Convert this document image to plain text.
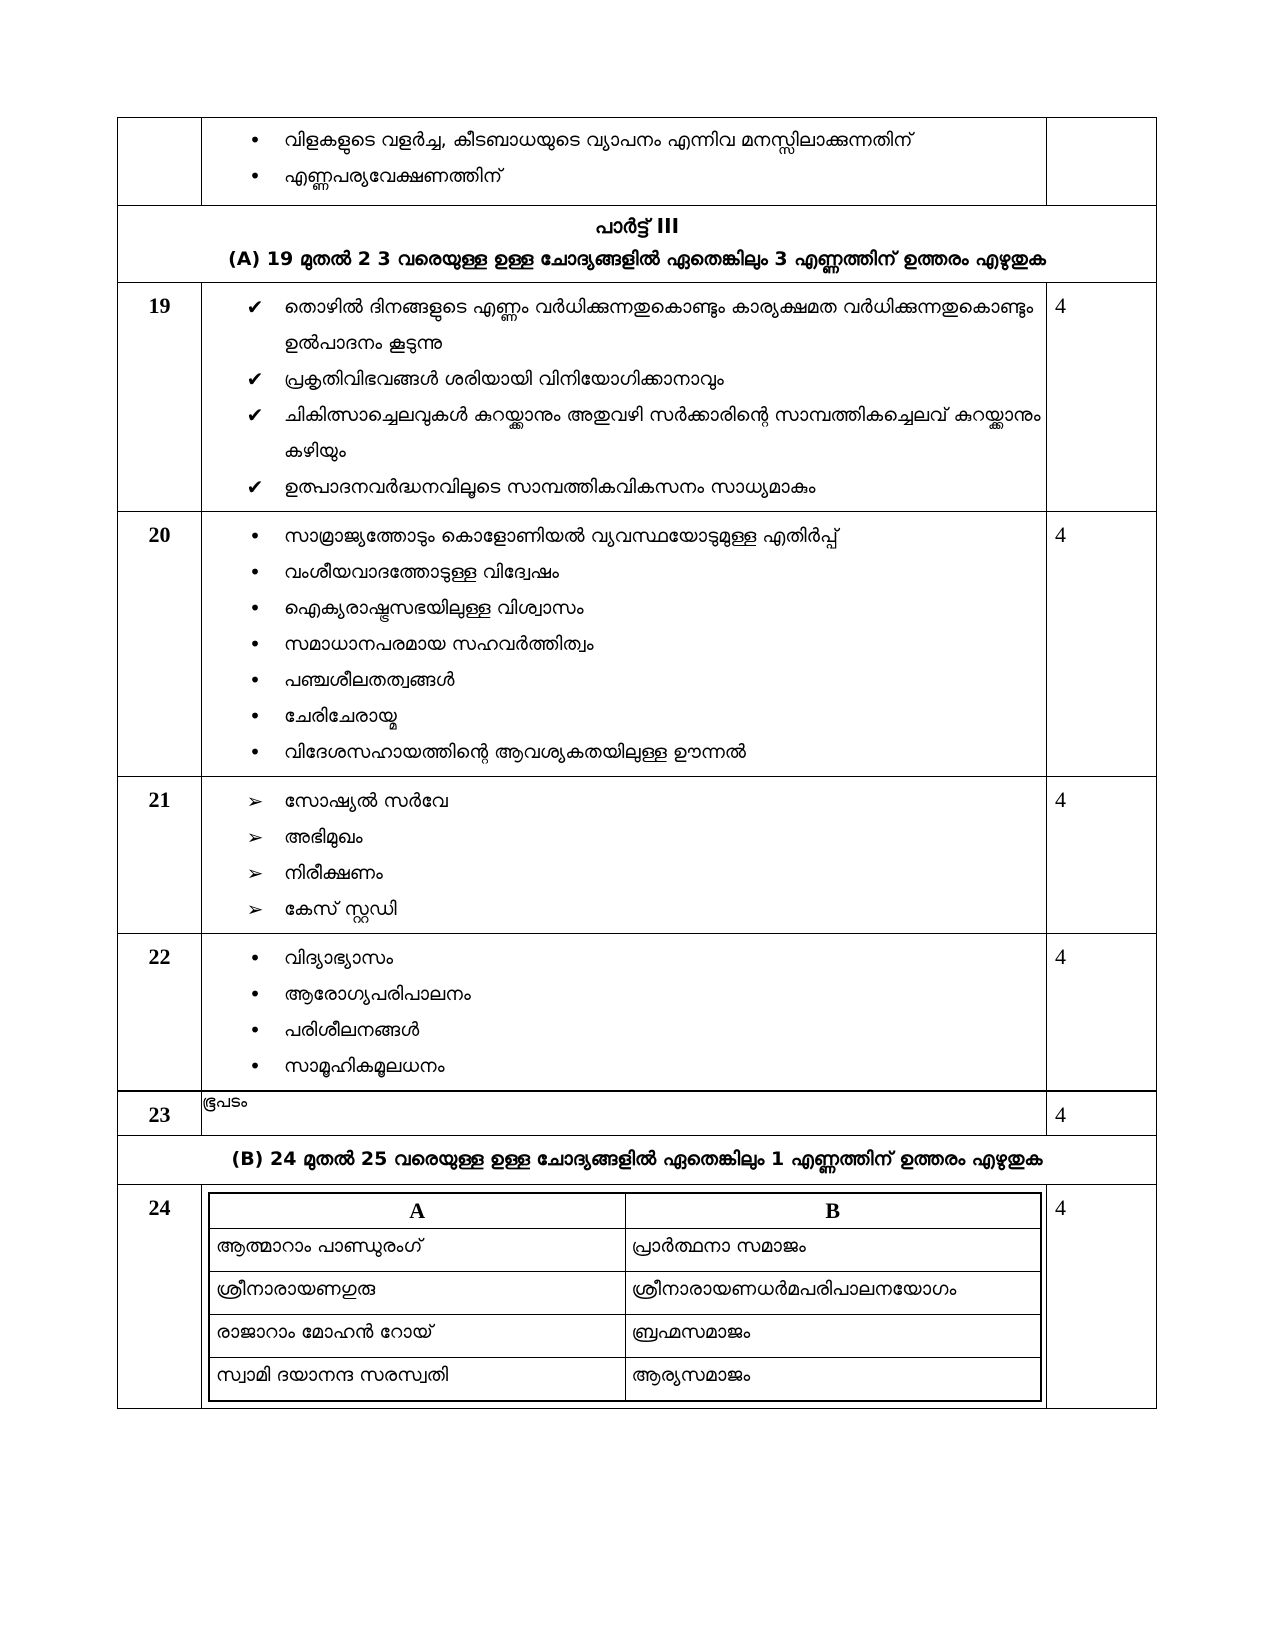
•	വിളകളുടെ വളർച്ച, കീടബാധയുടെ വ്യാപനം എന്നിവ മനസ്സിലാക്കുന്നതിന്
•	എണ്ണപര്യവേക്ഷണത്തിന്

പാർട്ട് III
(A) 19 മുതൽ 2 3 വരെയുള്ള ഉള്ള ചോദ്യങ്ങളിൽ ഏതെങ്കിലും 3 എണ്ണത്തിന് ഉത്തരം എഴുതുക

19	✔	തൊഴിൽ ദിനങ്ങളുടെ എണ്ണം വർധിക്കുന്നതുകൊണ്ടും കാര്യക്ഷമത വർധിക്കുന്നതുകൊണ്ടും ഉൽപാദനം കൂടുന്നു
✔	പ്രകൃതിവിഭവങ്ങൾ ശരിയായി വിനിയോഗിക്കാനാവും
✔	ചികിത്സാച്ചെലവുകൾ കുറയ്ക്കാനും അതുവഴി സർക്കാരിന്റെ സാമ്പത്തികച്ചെലവ് കുറയ്ക്കാനും കഴിയും
✔	ഉത്പാദനവർദ്ധനവിലൂടെ സാമ്പത്തികവികസനം സാധ്യമാകും
	4
20	•	സാമ്രാജ്യത്തോടും കൊളോണിയൽ വ്യവസ്ഥയോടുമുള്ള എതിർപ്പ്
•	വംശീയവാദത്തോടുള്ള വിദ്വേഷം
•	ഐക്യരാഷ്ട്രസഭയിലുള്ള വിശ്വാസം
•	സമാധാനപരമായ സഹവർത്തിത്വം
•	പഞ്ചശീലതത്വങ്ങൾ
•	ചേരിചേരായ്മ
•	വിദേശസഹായത്തിന്റെ ആവശ്യകതയിലുള്ള ഊന്നൽ
	4
21	➢	സോഷ്യൽ സർവേ
➢	അഭിമുഖം
➢	നിരീക്ഷണം
➢	കേസ് സ്റ്റഡി
	4
22	•	വിദ്യാഭ്യാസം
•	ആരോഗ്യപരിപാലനം
•	പരിശീലനങ്ങൾ
•	സാമൂഹികമൂലധനം
	4
23	ഭൂപടം	4

(B) 24 മുതൽ 25 വരെയുള്ള ഉള്ള ചോദ്യങ്ങളിൽ ഏതെങ്കിലും 1 എണ്ണത്തിന് ഉത്തരം എഴുതുക

24		A	B
ആത്മാറാം പാണ്ഡുരംഗ്	പ്രാർത്ഥനാ സമാജം
ശ്രീനാരായണഗുരു	ശ്രീനാരായണധർമപരിപാലനയോഗം
രാജാറാം മോഹൻ റോയ്	ബ്രഹ്മസമാജം
സ്വാമി ദയാനന്ദ സരസ്വതി	ആര്യസമാജം
	4
